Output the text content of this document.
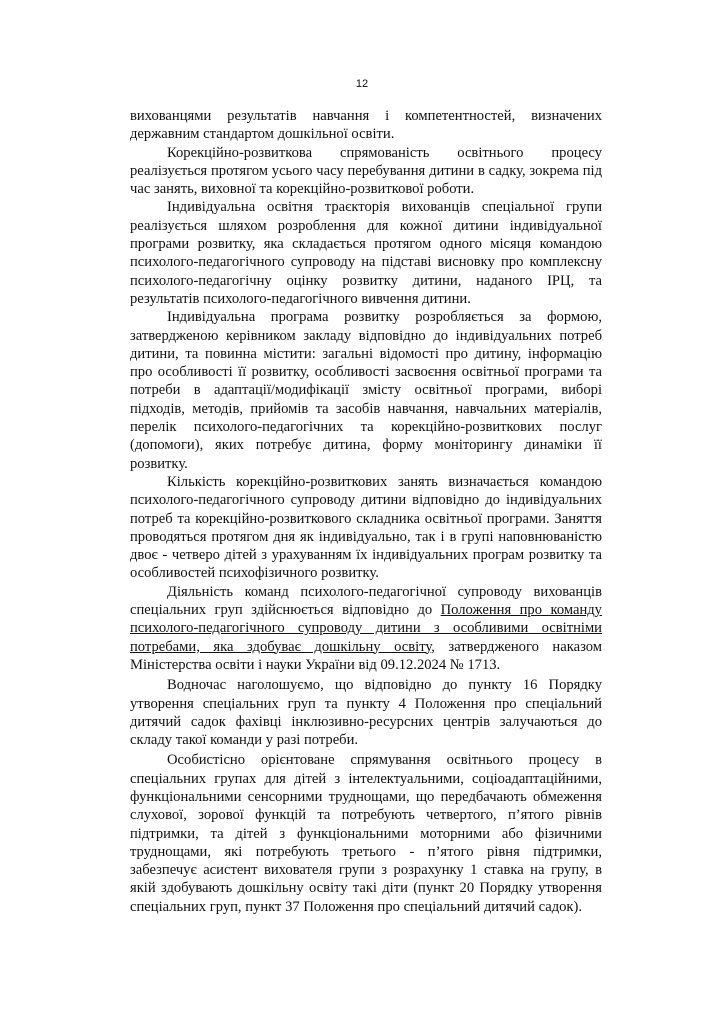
12

вихованцями результатів навчання і компетентностей, визначених державним стандартом дошкільної освіти.

Корекційно-розвиткова спрямованість освітнього процесу реалізується протягом усього часу перебування дитини в садку, зокрема під час занять, виховної та корекційно-розвиткової роботи.

Індивідуальна освітня траєкторія вихованців спеціальної групи реалізується шляхом розроблення для кожної дитини індивідуальної програми розвитку, яка складається протягом одного місяця командою психолого-педагогічного супроводу на підставі висновку про комплексну психолого-педагогічну оцінку розвитку дитини, наданого ІРЦ, та результатів психолого-педагогічного вивчення дитини.

Індивідуальна програма розвитку розробляється за формою, затвердженою керівником закладу відповідно до індивідуальних потреб дитини, та повинна містити: загальні відомості про дитину, інформацію про особливості її розвитку, особливості засвоєння освітньої програми та потреби в адаптації/модифікації змісту освітньої програми, виборі підходів, методів, прийомів та засобів навчання, навчальних матеріалів, перелік психолого-педагогічних та корекційно-розвиткових послуг (допомоги), яких потребує дитина, форму моніторингу динаміки її розвитку.

Кількість корекційно-розвиткових занять визначається командою психолого-педагогічного супроводу дитини відповідно до індивідуальних потреб та корекційно-розвиткового складника освітньої програми. Заняття проводяться протягом дня як індивідуально, так і в групі наповнюваністю двоє - четверо дітей з урахуванням їх індивідуальних програм розвитку та особливостей психофізичного розвитку.

Діяльність команд психолого-педагогічної супроводу вихованців спеціальних груп здійснюється відповідно до Положення про команду психолого-педагогічного супроводу дитини з особливими освітніми потребами, яка здобуває дошкільну освіту, затвердженого наказом Міністерства освіти і науки України від 09.12.2024 № 1713.

Водночас наголошуємо, що відповідно до пункту 16 Порядку утворення спеціальних груп та пункту 4 Положення про спеціальний дитячий садок фахівці інклюзивно-ресурсних центрів залучаються до складу такої команди у разі потреби.

Особистісно орієнтоване спрямування освітнього процесу в спеціальних групах для дітей з інтелектуальними, соціоадаптаційними, функціональними сенсорними труднощами, що передбачають обмеження слухової, зорової функцій та потребують четвертого, п’ятого рівнів підтримки, та дітей з функціональними моторними або фізичними труднощами, які потребують третього - п’ятого рівня підтримки, забезпечує асистент вихователя групи з розрахунку 1 ставка на групу, в якій здобувають дошкільну освіту такі діти (пункт 20 Порядку утворення спеціальних груп, пункт 37 Положення про спеціальний дитячий садок).
